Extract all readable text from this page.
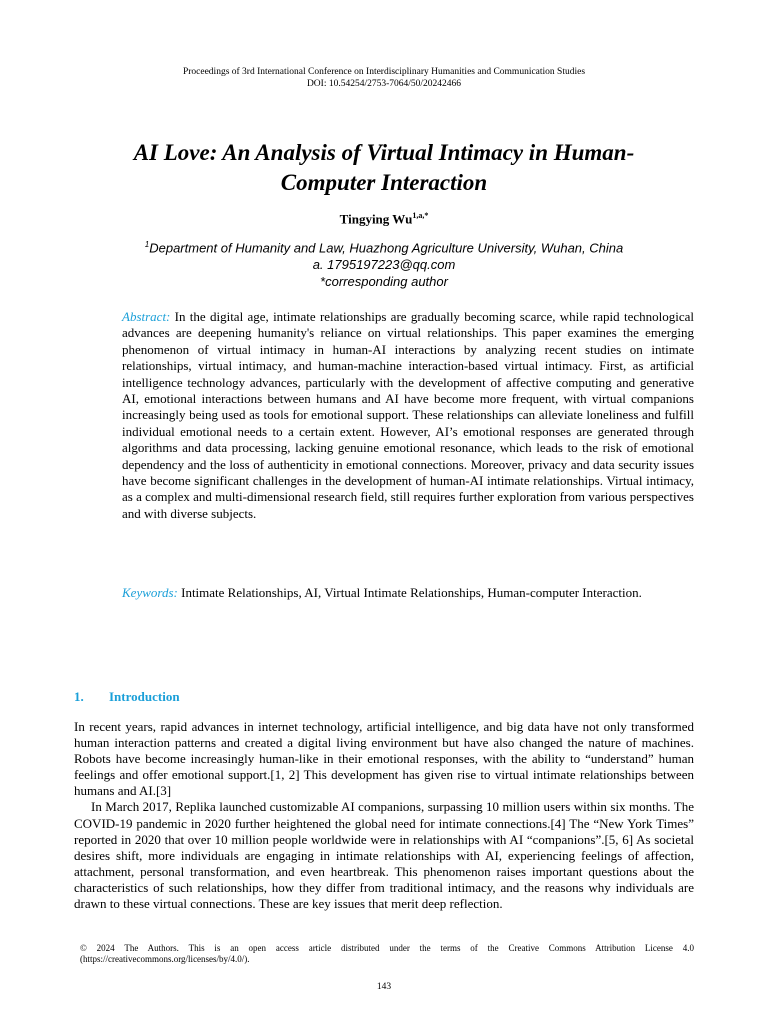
Proceedings of 3rd International Conference on Interdisciplinary Humanities and Communication Studies
DOI: 10.54254/2753-7064/50/20242466
AI Love: An Analysis of Virtual Intimacy in Human-Computer Interaction
Tingying $Wu^{1,a,*}$
$^1$Department of Humanity and Law, Huazhong Agriculture University, Wuhan, China
a. 1795197223@qq.com
*corresponding author

Abstract: In the digital age, intimate relationships are gradually becoming scarce, while rapid technological advances are deepening humanity's reliance on virtual relationships. This paper examines the emerging phenomenon of virtual intimacy in human-AI interactions by analyzing recent studies on intimate relationships, virtual intimacy, and human-machine interaction-based virtual intimacy. First, as artificial intelligence technology advances, particularly with the development of affective computing and generative AI, emotional interactions between humans and AI have become more frequent, with virtual companions increasingly being used as tools for emotional support. These relationships can alleviate loneliness and fulfill individual emotional needs to a certain extent. However, AI’s emotional responses are generated through algorithms and data processing, lacking genuine emotional resonance, which leads to the risk of emotional dependency and the loss of authenticity in emotional connections. Moreover, privacy and data security issues have become significant challenges in the development of human-AI intimate relationships. Virtual intimacy, as a complex and multi-dimensional research field, still requires further exploration from various perspectives and with diverse subjects.

Keywords: Intimate Relationships, AI, Virtual Intimate Relationships, Human-computer Interaction.

1. Introduction

In recent years, rapid advances in internet technology, artificial intelligence, and big data have not only transformed human interaction patterns and created a digital living environment but have also changed the nature of machines. Robots have become increasingly human-like in their emotional responses, with the ability to “understand” human feelings and offer emotional support.[1, 2] This development has given rise to virtual intimate relationships between humans and AI.[3]

In March 2017, Replika launched customizable AI companions, surpassing 10 million users within six months. The COVID-19 pandemic in 2020 further heightened the global need for intimate connections.[4] The “New York Times” reported in 2020 that over 10 million people worldwide were in relationships with AI “companions”.[5, 6] As societal desires shift, more individuals are engaging in intimate relationships with AI, experiencing feelings of affection, attachment, personal transformation, and even heartbreak. This phenomenon raises important questions about the characteristics of such relationships, how they differ from traditional intimacy, and the reasons why individuals are drawn to these virtual connections. These are key issues that merit deep reflection.

© 2024 The Authors. This is an open access article distributed under the terms of the Creative Commons Attribution License 4.0 (https://creativecommons.org/licenses/by/4.0/).
143
